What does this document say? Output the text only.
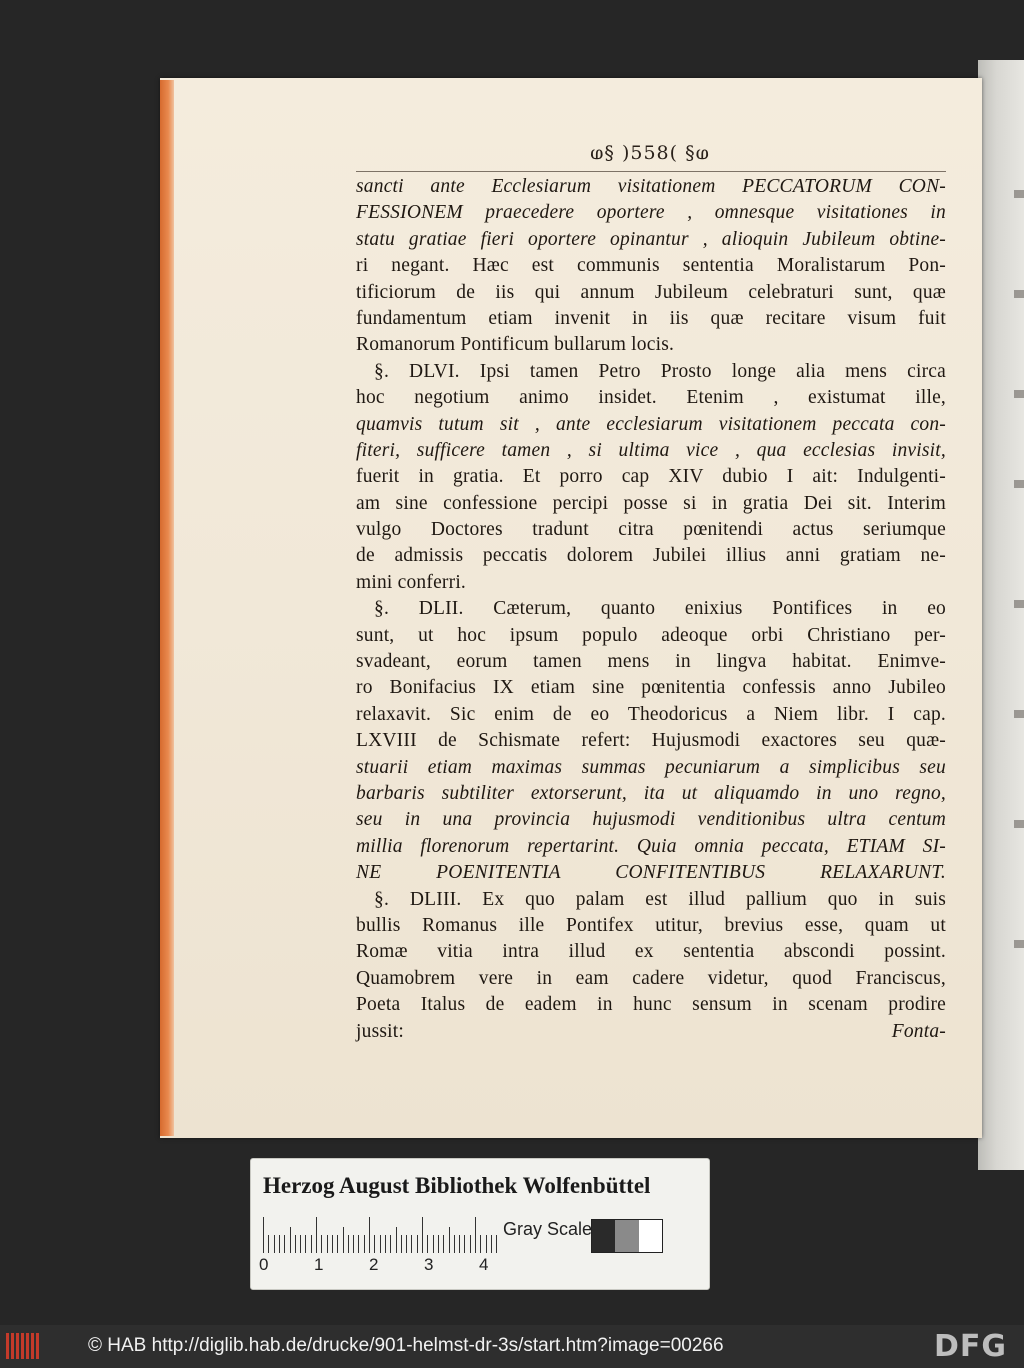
ⱷ§ )558( §ⱷ
sancti ante Ecclesiarum visitationem PECCATORUM CON-
FESSIONEM praecedere oportere , omnesque visitationes in
statu gratiae fieri oportere opinantur , alioquin Jubileum obtine-
ri negant. Hæc est communis sententia Moralistarum Pon-
tificiorum de iis qui annum Jubileum celebraturi sunt, quæ
fundamentum etiam invenit in iis quæ recitare visum fuit
Romanorum Pontificum bullarum locis.
§. DLVI. Ipsi tamen Petro Prosto longe alia mens circa
hoc negotium animo insidet. Etenim , existumat ille,
quamvis tutum sit , ante ecclesiarum visitationem peccata con-
fiteri, sufficere tamen , si ultima vice , qua ecclesias invisit,
fuerit in gratia. Et porro cap XIV dubio I ait: Indulgenti-
am sine confessione percipi posse si in gratia Dei sit. Interim
vulgo Doctores tradunt citra pœnitendi actus seriumque
de admissis peccatis dolorem Jubilei illius anni gratiam ne-
mini conferri.
§. DLII. Cæterum, quanto enixius Pontifices in eo
sunt, ut hoc ipsum populo adeoque orbi Christiano per-
svadeant, eorum tamen mens in lingva habitat. Enimve-
ro Bonifacius IX etiam sine pœnitentia confessis anno Jubileo
relaxavit. Sic enim de eo Theodoricus a Niem libr. I cap.
LXVIII de Schismate refert: Hujusmodi exactores seu quæ-
stuarii etiam maximas summas pecuniarum a simplicibus seu
barbaris subtiliter extorserunt, ita ut aliquamdo in uno regno,
seu in una provincia hujusmodi venditionibus ultra centum
millia florenorum repertarint. Quia omnia peccata, ETIAM SI-
NE POENITENTIA CONFITENTIBUS RELAXARUNT.
§. DLIII. Ex quo palam est illud pallium quo in suis
bullis Romanus ille Pontifex utitur, brevius esse, quam ut
Romæ vitia intra illud ex sententia abscondi possint.
Quamobrem vere in eam cadere videtur, quod Franciscus,
Poeta Italus de eadem in hunc sensum in scenam prodire
jussit:	Fonta-
Herzog August Bibliothek Wolfenbüttel
0	1	2	3	4
Gray Scale
© HAB http://diglib.hab.de/drucke/901-helmst-dr-3s/start.htm?image=00266	DFG
